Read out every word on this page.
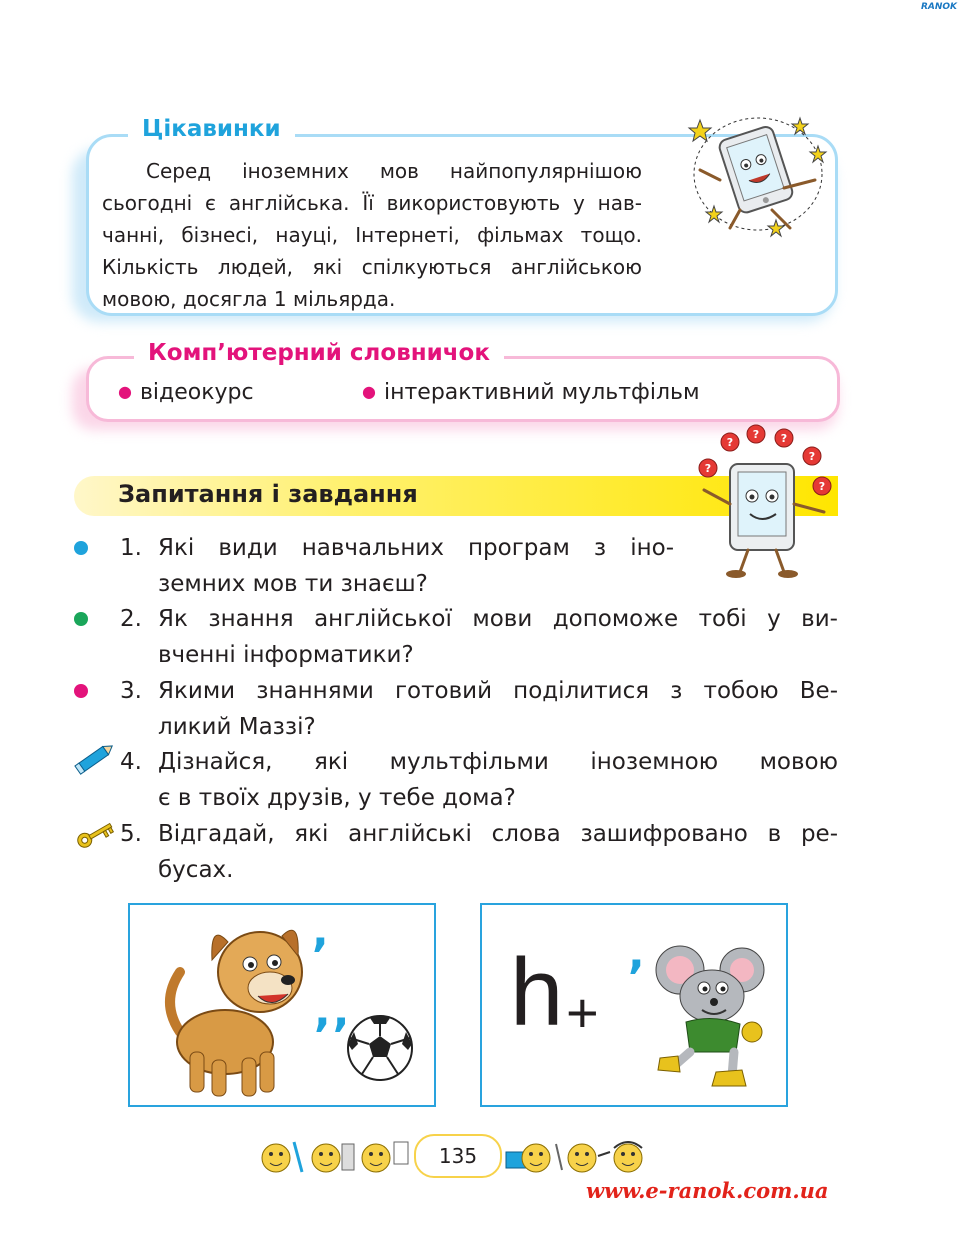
RANOK
Цікавинки
Серед іноземних мов найпопулярнішою
сьогодні є англійська. Її використовують у нав-
чанні, бізнесі, науці, Інтернеті, фільмах тощо.
Кількість людей, які спілкуються англійською
мовою, досягла 1 мільярда.
Комп’ютерний словничок
● відеокурс	● інтерактивний мультфільм
Запитання і завдання
?
?
? ?
?
?
1. Які види навчальних програм з іно-
земних мов ти знаєш?
2. Як знання англійської мови допоможе тобі у ви-
вченні інформатики?
3. Якими знаннями готовий поділитися з тобою Ве-
ликий Маззі?
4. Дізнайся, які мультфільми іноземною мовою
є в твоїх друзів, у тебе дома?
5. Відгадай, які англійські слова зашифровано в ре-
бусах.
,
,, h +
,
135
www.e-ranok.com.ua
